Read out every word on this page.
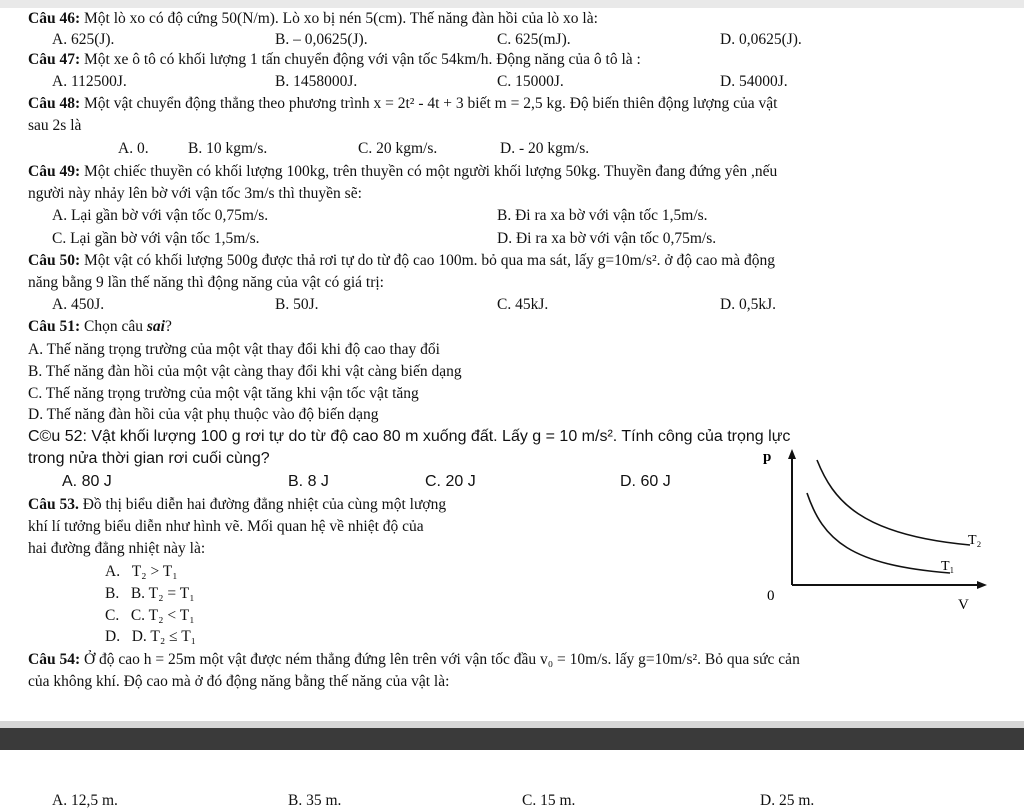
Câu 46: Một lò xo có độ cứng 50(N/m). Lò xo bị nén 5(cm). Thế năng đàn hồi của lò xo là:
A. 625(J).	B. – 0,0625(J).	C. 625(mJ).	D. 0,0625(J).
Câu 47: Một xe ô tô có khối lượng 1 tấn chuyển động với vận tốc 54km/h. Động năng của ô tô là :
A. 112500J.	B. 1458000J.	C. 15000J.	D. 54000J.
Câu 48: Một vật chuyển động thẳng theo phương trình x = 2t² - 4t + 3 biết m = 2,5 kg. Độ biến thiên động lượng của vật
sau 2s là
A. 0.	B. 10 kgm/s.	C. 20 kgm/s.	D. - 20 kgm/s.
Câu 49: Một chiếc thuyền có khối lượng 100kg, trên thuyền có một người khối lượng 50kg. Thuyền đang đứng yên ,nếu
người này nhảy lên bờ với vận tốc 3m/s thì thuyền sẽ:
A. Lại gần bờ với vận tốc 0,75m/s.	B. Đi ra xa bờ với vận tốc 1,5m/s.
C. Lại gần bờ với vận tốc 1,5m/s.	D. Đi ra xa bờ với vận tốc 0,75m/s.
Câu 50: Một vật có khối lượng 500g được thả rơi tự do từ độ cao 100m. bỏ qua ma sát, lấy g=10m/s². ở độ cao mà động
năng bằng 9 lần thế năng thì động năng của vật có giá trị:
A. 450J.	B. 50J.	C. 45kJ.	D. 0,5kJ.
Câu 51: Chọn câu sai?
A. Thế năng trọng trường của một vật thay đổi khi độ cao thay đổi
B. Thế năng đàn hồi của một vật càng thay đổi khi vật càng biến dạng
C. Thế năng trọng trường của một vật tăng khi vận tốc vật tăng
D. Thế năng đàn hồi của vật phụ thuộc vào độ biến dạng
C©u 52: Vật khối lượng 100 g rơi tự do từ độ cao 80 m xuống đất. Lấy g = 10 m/s². Tính công của trọng lực
trong nửa thời gian rơi cuối cùng?
A. 80 J	B. 8 J	C. 20 J	D. 60 J
Câu 53. Đồ thị biểu diễn hai đường đẳng nhiệt của cùng một lượng
khí lí tưởng biểu diễn như hình vẽ. Mối quan hệ về nhiệt độ của
hai đường đẳng nhiệt này là:
A. T₂ > T₁
B. B. T₂ = T₁
C. C. T₂ < T₁
D. D. T₂ ≤ T₁
p
0
V
T₂
T₁
Câu 54: Ở độ cao h = 25m một vật được ném thẳng đứng lên trên với vận tốc đầu v₀ = 10m/s. lấy g=10m/s². Bỏ qua sức cản
của không khí. Độ cao mà ở đó động năng bằng thế năng của vật là:
A. 12,5 m.	B. 35 m.	C. 15 m.	D. 25 m.
